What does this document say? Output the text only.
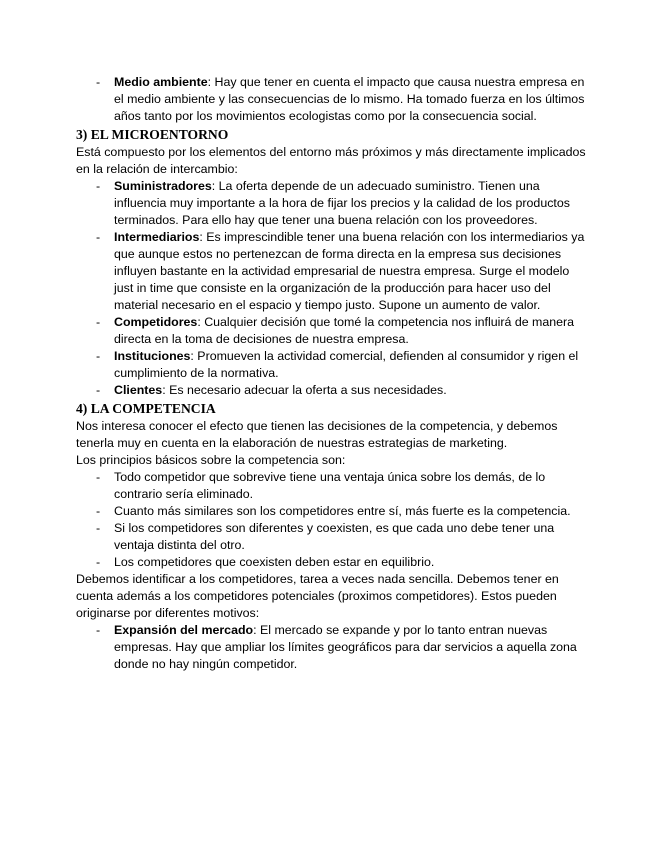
- Medio ambiente: Hay que tener en cuenta el impacto que causa nuestra empresa en el medio ambiente y las consecuencias de lo mismo. Ha tomado fuerza en los últimos años tanto por los movimientos ecologistas como por la consecuencia social.
3) EL MICROENTORNO

Está compuesto por los elementos del entorno más próximos y más directamente implicados en la relación de intercambio:

- Suministradores: La oferta depende de un adecuado suministro. Tienen una influencia muy importante a la hora de fijar los precios y la calidad de los productos terminados. Para ello hay que tener una buena relación con los proveedores.
- Intermediarios: Es imprescindible tener una buena relación con los intermediarios ya que aunque estos no pertenezcan de forma directa en la empresa sus decisiones influyen bastante en la actividad empresarial de nuestra empresa. Surge el modelo just in time que consiste en la organización de la producción para hacer uso del material necesario en el espacio y tiempo justo. Supone un aumento de valor.
- Competidores: Cualquier decisión que tomé la competencia nos influirá de manera directa en la toma de decisiones de nuestra empresa.
- Instituciones: Promueven la actividad comercial, defienden al consumidor y rigen el cumplimiento de la normativa.
- Clientes: Es necesario adecuar la oferta a sus necesidades.
4) LA COMPETENCIA

Nos interesa conocer el efecto que tienen las decisiones de la competencia, y debemos tenerla muy en cuenta en la elaboración de nuestras estrategias de marketing.

Los principios básicos sobre la competencia son:

- Todo competidor que sobrevive tiene una ventaja única sobre los demás, de lo contrario sería eliminado.
- Cuanto más similares son los competidores entre sí, más fuerte es la competencia.
- Si los competidores son diferentes y coexisten, es que cada uno debe tener una ventaja distinta del otro.
- Los competidores que coexisten deben estar en equilibrio.

Debemos identificar a los competidores, tarea a veces nada sencilla. Debemos tener en cuenta además a los competidores potenciales (proximos competidores). Estos pueden originarse por diferentes motivos:

- Expansión del mercado: El mercado se expande y por lo tanto entran nuevas empresas. Hay que ampliar los límites geográficos para dar servicios a aquella zona donde no hay ningún competidor.
